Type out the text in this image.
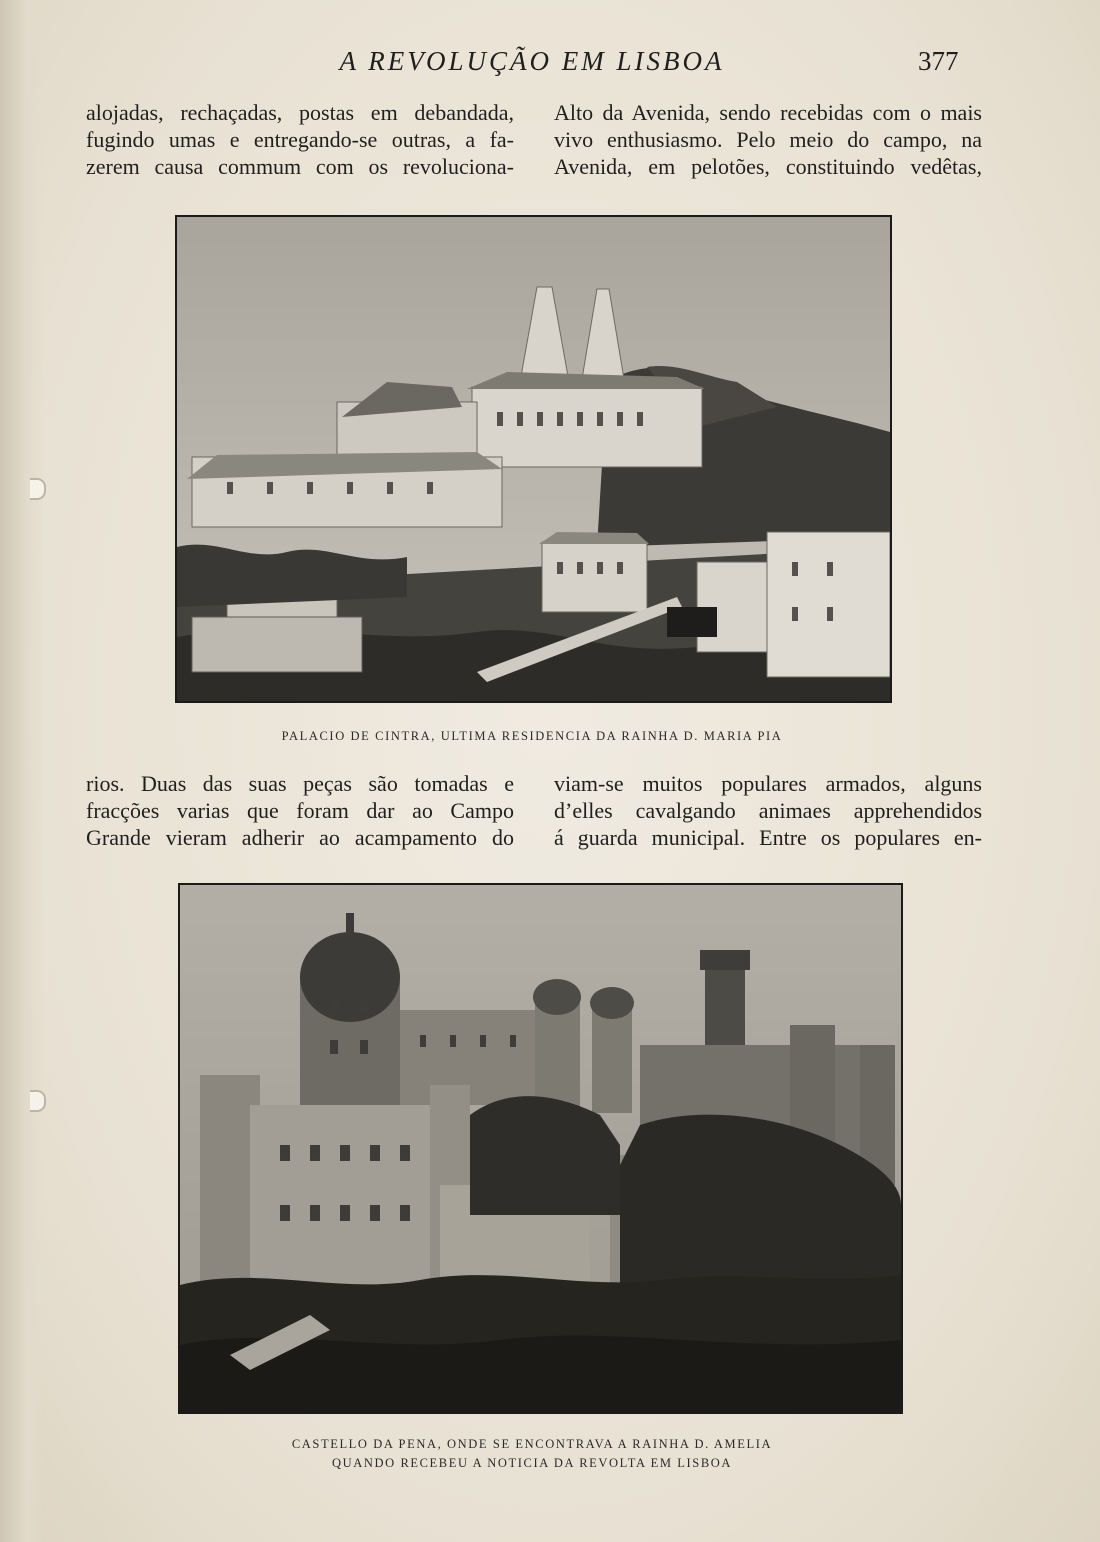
A REVOLUÇÃO EM LISBOA	377
alojadas, rechaçadas, postas em debandada,
fugindo umas e entregando-se outras, a fa-
zerem causa commum com os revoluciona-
Alto da Avenida, sendo recebidas com o mais
vivo enthusiasmo. Pelo meio do campo, na
Avenida, em pelotões, constituindo vedêtas,
PALACIO DE CINTRA, ULTIMA RESIDENCIA DA RAINHA D. MARIA PIA
rios. Duas das suas peças são tomadas e
fracções varias que foram dar ao Campo
Grande vieram adherir ao acampamento do
viam-se muitos populares armados, alguns
d’elles cavalgando animaes apprehendidos
á guarda municipal. Entre os populares en-
CASTELLO DA PENA, ONDE SE ENCONTRAVA A RAINHA D. AMELIA
QUANDO RECEBEU A NOTICIA DA REVOLTA EM LISBOA
